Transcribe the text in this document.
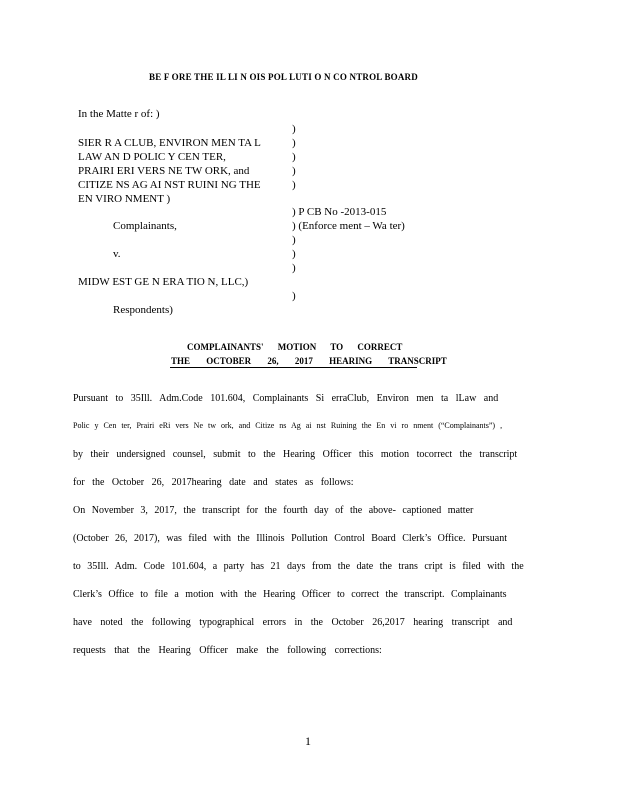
BE F ORE THE IL LI N OIS POL LUTI O N CO NTROL BOARD
In the Matte r of: )
SIER R A CLUB, ENVIRON MEN TA L
LAW AN D POLIC Y CEN TER,
PRAIRI ERI VERS NE TW ORK, and
CITIZE NS AG AI NST RUINI NG THE
EN VIRO NMENT )
)
)
)
)
)
) P CB No -2013-015
Complainants,	) (Enforce ment – Wa ter)
)
v.	)
)
MIDW EST GE N ERA TIO N, LLC,)
)
Respondents)
COMPLAINANTS' MOTION TO CORRECT
THE OCTOBER 26, 2017 HEARING TRANSCRIPT
Pursuant to 35Ill. Adm.Code 101.604, Complainants Si erraClub, Environ men ta lLaw and
Polic y Cen ter, Prairi eRi vers Ne tw ork, and Citize ns Ag ai nst Ruining the En vi ro nment (“Complainants”) ,
by their undersigned counsel, submit to the Hearing Officer this motion tocorrect the transcript
for the October 26, 2017hearing date and states as follows:
On November 3, 2017, the transcript for the fourth day of the above- captioned matter
(October 26, 2017), was filed with the Illinois Pollution Control Board Clerk’s Office. Pursuant
to 35Ill. Adm. Code 101.604, a party has 21 days from the date the trans cript is filed with the
Clerk’s Office to file a motion with the Hearing Officer to correct the transcript. Complainants
have noted the following typographical errors in the October 26,2017 hearing transcript and
requests that the Hearing Officer make the following corrections:
1
